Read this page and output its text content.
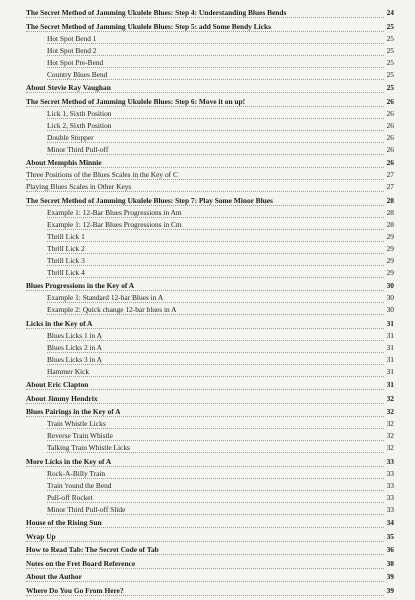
The Secret Method of Jamming Ukulele Blues: Step 4: Understanding Blues Bends	24
The Secret Method of Jamming Ukulele Blues: Step 5: add Some Bendy Licks	25
Hot Spot Bend 1	25
Hot Spot Bend 2	25
Hot Spot Pre-Bend	25
Country Blues Bend	25
About Stevie Ray Vaughan	25
The Secret Method of Jamming Ukulele Blues: Step 6: Move it on up!	26
Lick 1, Sixth Position	26
Lick 2, Sixth Position	26
Double Stopper	26
Minor Third Pull-off	26
About Memphis Minnie	26
Three Positions of the Blues Scales in the Key of C	27
Playing Blues Scales in Other Keys	27
The Secret Method of Jamming Ukulele Blues: Step 7: Play Some Minor Blues	28
Example 1: 12-Bar Blues Progressions in Am	28
Example 1: 12-Bar Blues Progressions in Cm	28
Thrill Lick 1	29
Thrill Lick 2	29
Thrill Lick 3	29
Thrill Lick 4	29
Blues Progressions in the Key of A	30
Example 1: Standard 12-bar Blues in A	30
Example 2: Quick change 12-bar blues in A	30
Licks in the Key of A	31
Blues Licks 1 in A	31
Blues Licks 2 in A	31
Blues Licks 3 in A	31
Hammer Kick	31
About Eric Clapton	31
About Jimmy Hendrix	32
Blues Pairings in the Key of A	32
Train Whistle Licks	32
Reverse Train Whistle	32
Talking Train Whistle Licks	32
More Licks in the Key of A	33
Rock-A-Billy Train	33
Train 'round the Bend	33
Pull-off Rocket	33
Minor Third Pull-off Slide	33
House of the Rising Sun	34
Wrap Up	35
How to Read Tab: The Secret Code of Tab	36
Notes on the Fret Board Reference	38
About the Author	39
Where Do You Go From Here?	39
